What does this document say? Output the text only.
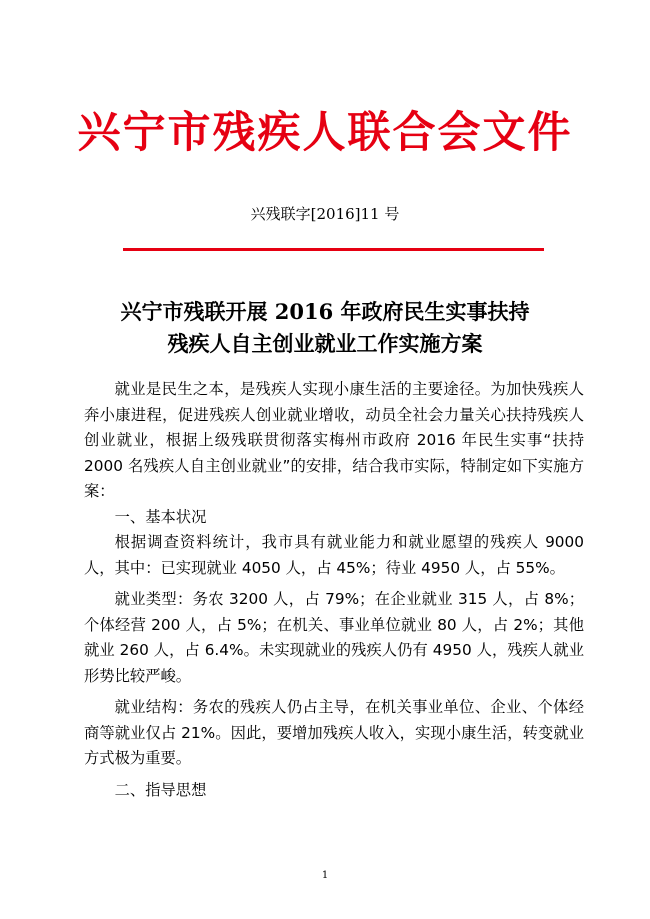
兴宁市残疾人联合会文件
兴残联字[2016]11 号
兴宁市残联开展 2016 年政府民生实事扶持
残疾人自主创业就业工作实施方案

就业是民生之本，是残疾人实现小康生活的主要途径。为加快残疾人奔小康进程，促进残疾人创业就业增收，动员全社会力量关心扶持残疾人创业就业，根据上级残联贯彻落实梅州市政府 2016 年民生实事“扶持 2000 名残疾人自主创业就业”的安排，结合我市实际，特制定如下实施方案：

一、基本状况

根据调查资料统计，我市具有就业能力和就业愿望的残疾人 9000 人，其中：已实现就业 4050 人，占 45%；待业 4950 人，占 55%。

就业类型：务农 3200 人，占 79%；在企业就业 315 人，占 8%；个体经营 200 人，占 5%；在机关、事业单位就业 80 人，占 2%；其他就业 260 人，占 6.4%。未实现就业的残疾人仍有 4950 人，残疾人就业形势比较严峻。

就业结构：务农的残疾人仍占主导，在机关事业单位、企业、个体经商等就业仅占 21%。因此，要增加残疾人收入，实现小康生活，转变就业方式极为重要。

二、指导思想

1
